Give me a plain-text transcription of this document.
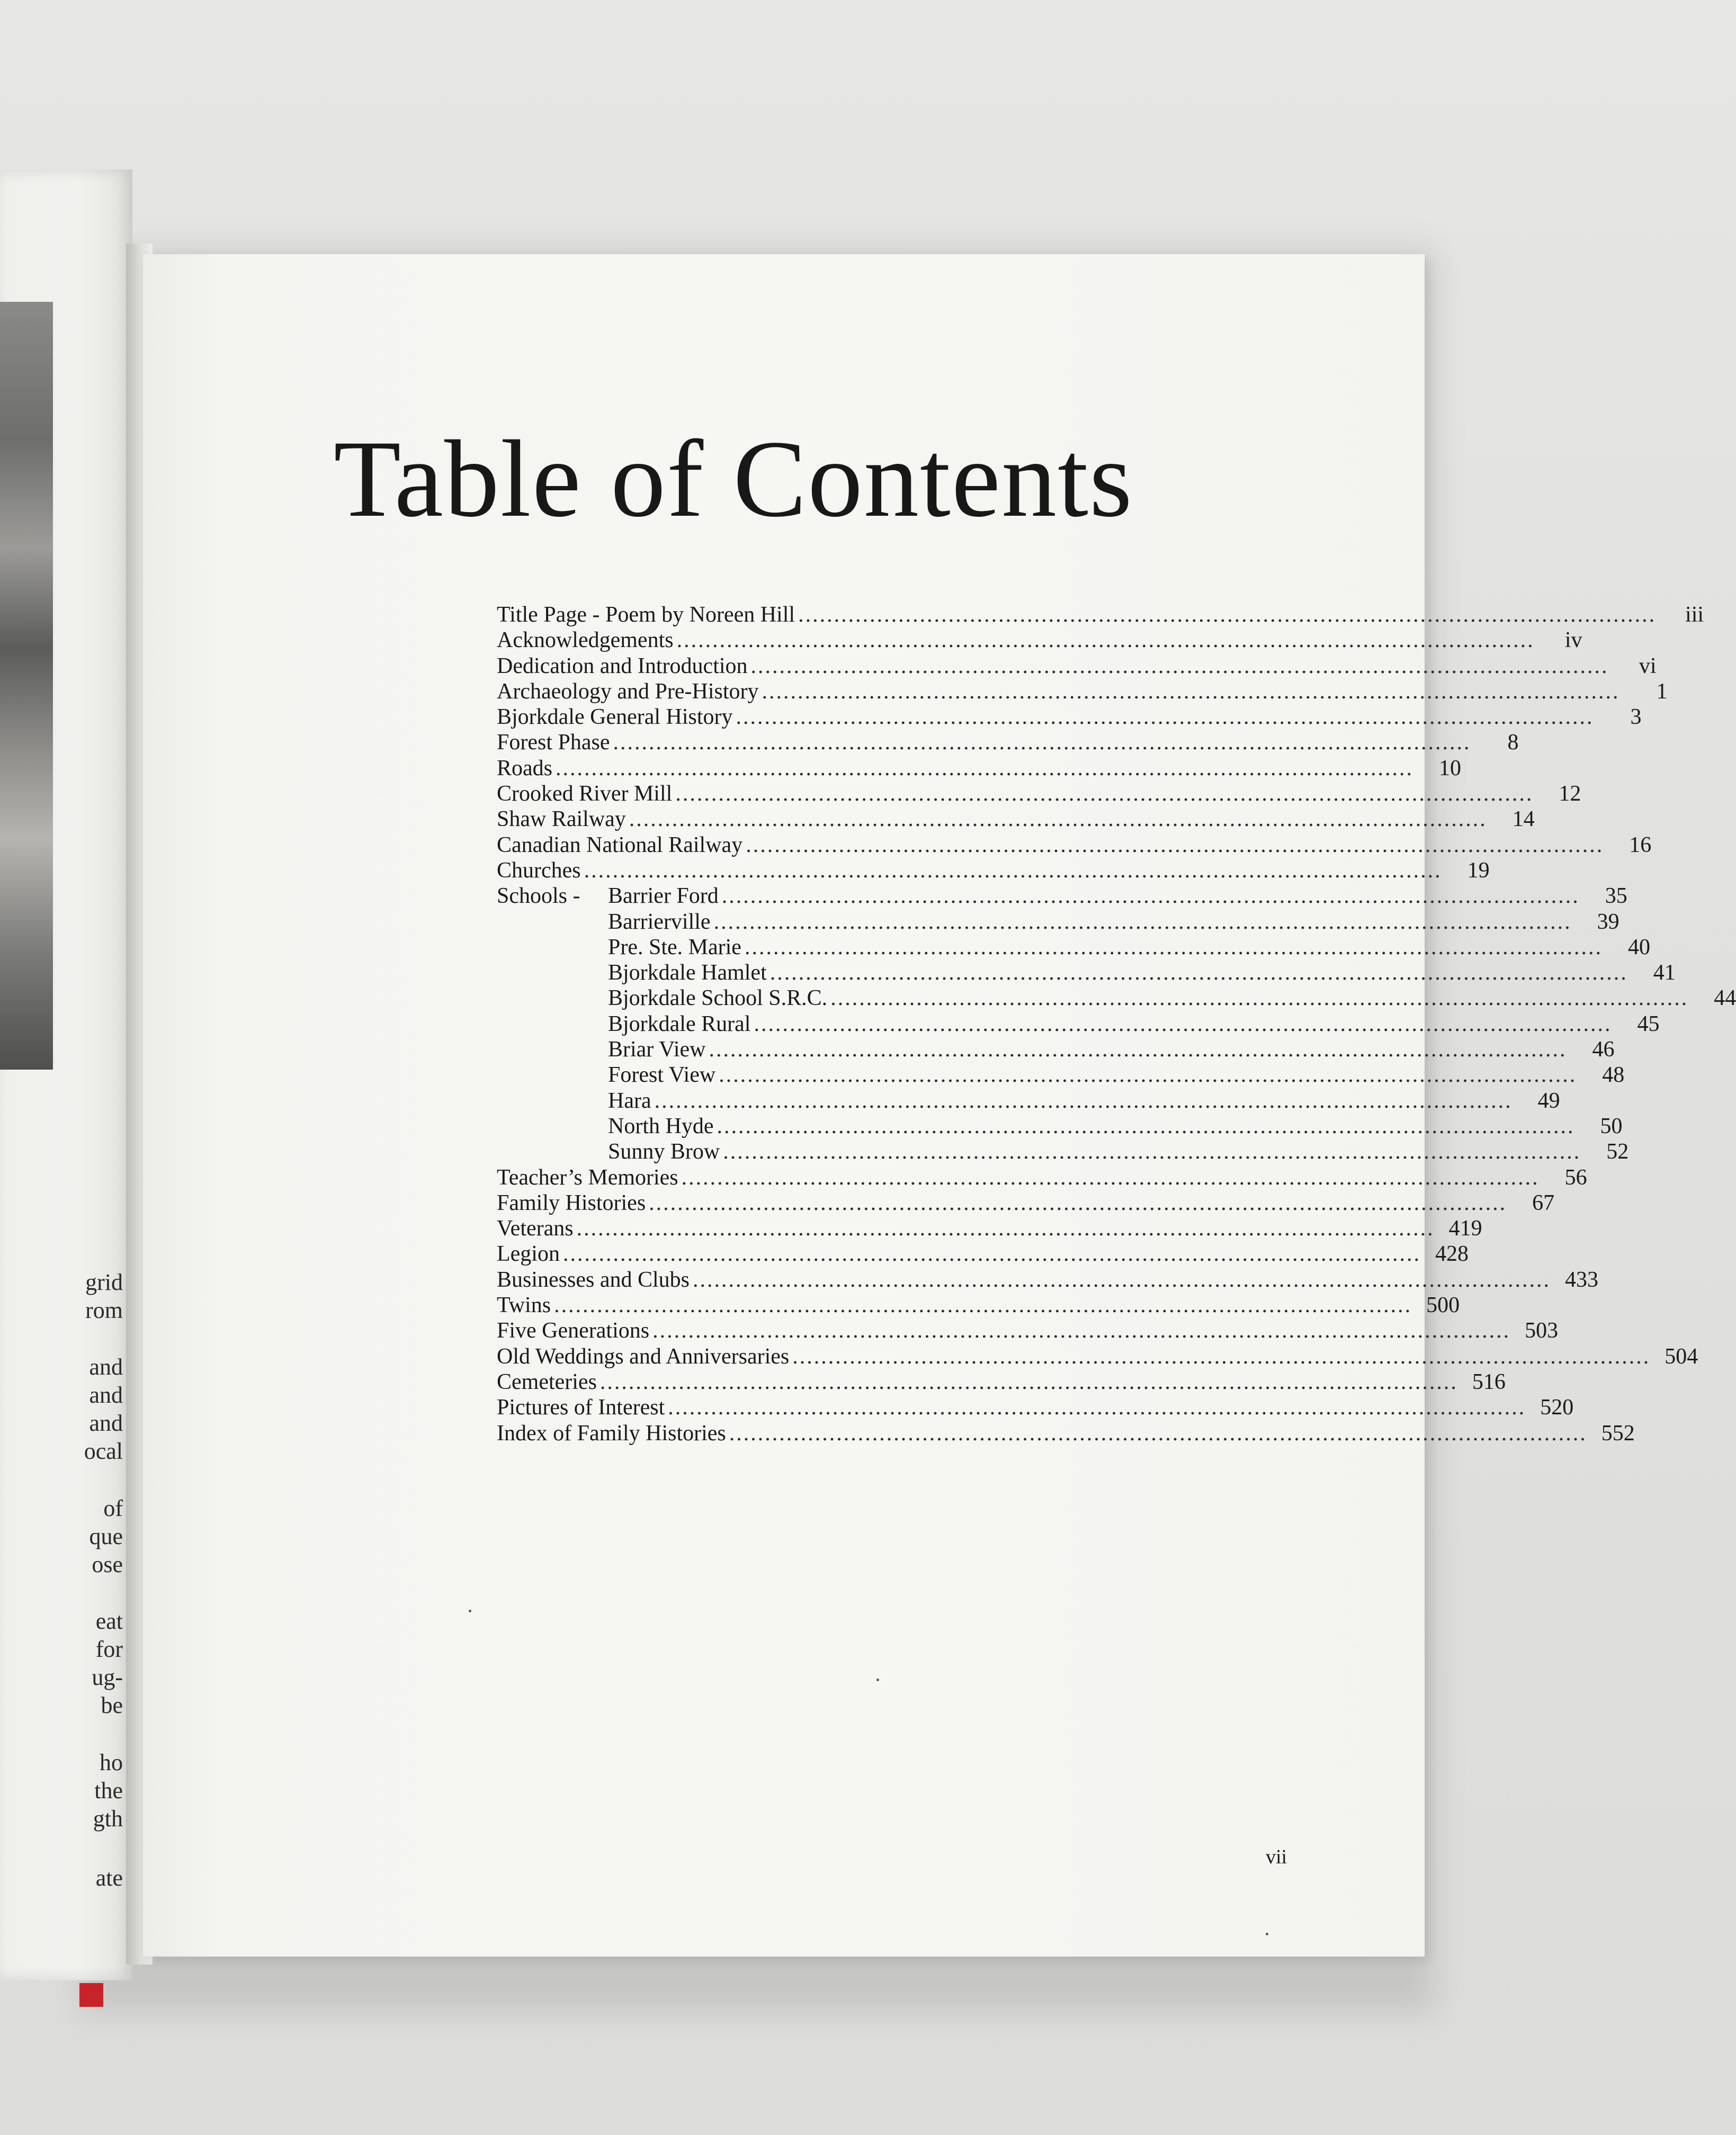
grid
rom
and
and
and
ocal
of
que
ose
eat
for
ug-
be
ho
the
gth
ate
Table of Contents
Title Page - Poem by Noreen Hill ........................................................................................................................	iii
Acknowledgements ........................................................................................................................	iv
Dedication and Introduction ........................................................................................................................	vi
Archaeology and Pre-History ........................................................................................................................	1
Bjorkdale General History ........................................................................................................................	3
Forest Phase ........................................................................................................................	8
Roads ........................................................................................................................	10
Crooked River Mill ........................................................................................................................	12
Shaw Railway ........................................................................................................................	14
Canadian National Railway ........................................................................................................................	16
Churches ........................................................................................................................	19
Schools -Barrier Ford ........................................................................................................................	35
Barrierville ........................................................................................................................	39
Pre. Ste. Marie ........................................................................................................................	40
Bjorkdale Hamlet ........................................................................................................................	41
Bjorkdale School S.R.C. ........................................................................................................................	44
Bjorkdale Rural ........................................................................................................................	45
Briar View ........................................................................................................................	46
Forest View ........................................................................................................................	48
Hara ........................................................................................................................	49
North Hyde ........................................................................................................................	50
Sunny Brow ........................................................................................................................	52
Teacher’s Memories ........................................................................................................................	56
Family Histories ........................................................................................................................	67
Veterans ........................................................................................................................ 419
Legion ........................................................................................................................ 428
Businesses and Clubs ........................................................................................................................ 433
Twins ........................................................................................................................ 500
Five Generations ........................................................................................................................ 503
Old Weddings and Anniversaries ........................................................................................................................ 504
Cemeteries ........................................................................................................................ 516
Pictures of Interest ........................................................................................................................ 520
Index of Family Histories ........................................................................................................................ 552
vii
